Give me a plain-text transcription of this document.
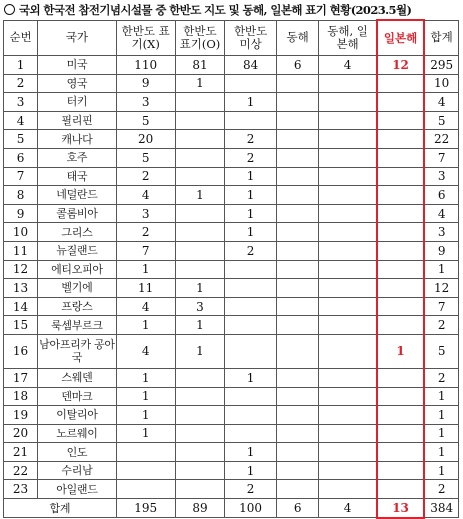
국외 한국전 참전기념시설물 중 한반도 지도 및 동해, 일본해 표기 현황(2023.5월)
순번	국가	한반도 표기(X)	한반도 표기(O)	한반도 미상	동해	동해, 일본해	일본해	합계
1	미국	110	81	84	6	4	12	295
2	영국	9	1					10
3	터키	3		1				4
4	필리핀	5						5
5	캐나다	20		2				22
6	호주	5		2				7
7	태국	2		1				3
8	네덜란드	4	1	1				6
9	콜롬비아	3		1				4
10	그리스	2		1				3
11	뉴질랜드	7		2				9
12	에티오피아	1						1
13	벨기에	11	1					12
14	프랑스	4	3					7
15	룩셈부르크	1	1					2
16	남아프리카 공아국	4	1				1	5
17	스웨덴	1		1				2
18	덴마크	1						1
19	이탈리아	1						1
20	노르웨이	1						1
21	인도			1				1
22	수리남			1				1
23	아일랜드			2				2
합계		195	89	100	6	4	13	384
